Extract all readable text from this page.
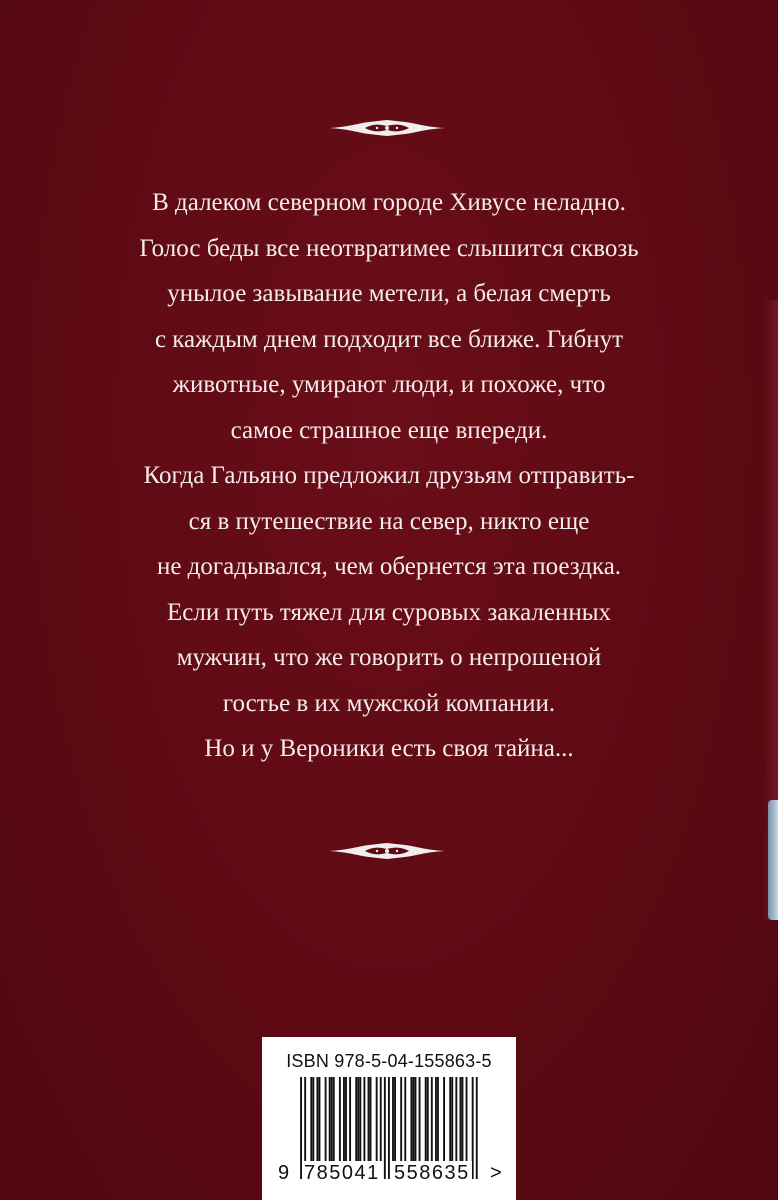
В далеком северном городе Хивусе неладно.
Голос беды все неотвратимее слышится сквозь
унылое завывание метели, а белая смерть
с каждым днем подходит все ближе. Гибнут
животные, умирают люди, и похоже, что
самое страшное еще впереди.
Когда Гальяно предложил друзьям отправить-
ся в путешествие на север, никто еще
не догадывался, чем обернется эта поездка.
Если путь тяжел для суровых закаленных
мужчин, что же говорить о непрошеной
гостье в их мужской компании.
Но и у Вероники есть своя тайна...
ISBN 978-5-04-155863-5
9 785041 558635 >
